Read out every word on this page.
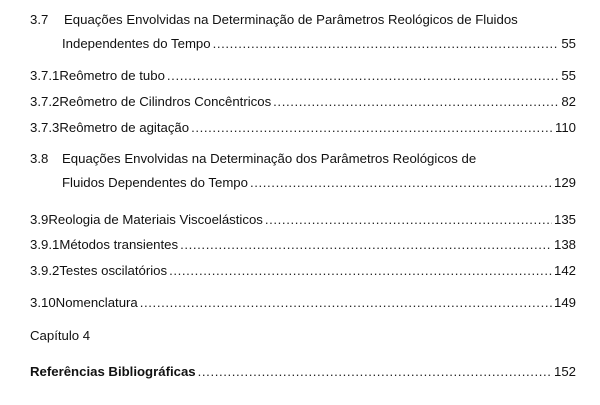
3.7	Equações Envolvidas na Determinação de Parâmetros Reológicos de Fluidos
Independentes do Tempo .....	55
3.7.1 Reômetro de tubo .....	55
3.7.2 Reômetro de Cilindros Concêntricos .....	82
3.7.3 Reômetro de agitação .....	110
3.8	Equações Envolvidas na Determinação dos Parâmetros Reológicos de
Fluidos Dependentes do Tempo .....	129
3.9 Reologia de Materiais Viscoelásticos .....	135
3.9.1 Métodos transientes .....	138
3.9.2 Testes oscilatórios .....	142
3.10 Nomenclatura .....	149
Capítulo 4
Referências Bibliográficas .....	152
